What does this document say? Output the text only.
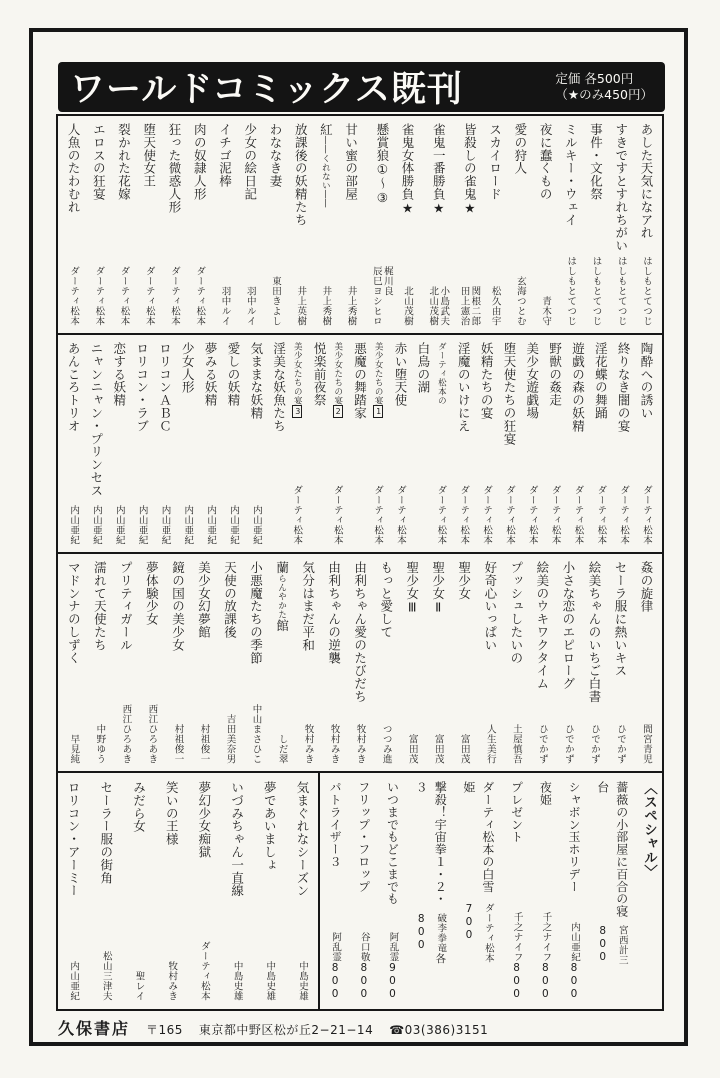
ワールドコミックス既刊	定価 各500円
（★のみ450円）
あした天気になアれ
はしもとてつじ
すきですとすれちがい
はしもとてつじ
事件・文化祭
はしもとてつじ
ミルキー・ウェイ
はしもとてつじ
夜に蠢くもの
青木守
愛の狩人
玄海つとむ
スカイロード
松久由宇
皆殺しの雀鬼★
関根二郎
田上憲治
雀鬼一番勝負★
小島武夫
北山茂樹
雀鬼女体勝負★
北山茂樹
懸賞狼①〜③
梶川良
辰巳ヨシヒロ
甘い蜜の部屋
井上秀樹
紅――くれない――
井上秀樹
放課後の妖精たち
井上英樹
わななき妻
東田きよし
少女の絵日記
羽中ルイ
イチゴ泥棒
羽中ルイ
肉の奴隷人形
ダーティ松本
狂った微惑人形
ダーティ松本
堕天使女王
ダーティ松本
裂かれた花嫁
ダーティ松本
エロスの狂宴
ダーティ松本
人魚のたわむれ
ダーティ松本
陶酔への誘い
ダーティ松本
終りなき闇の宴
ダーティ松本
淫花蝶の舞踊
ダーティ松本
遊戯の森の妖精
ダーティ松本
野獣の姦走
ダーティ松本
美少女遊戯場
ダーティ松本
堕天使たちの狂宴
ダーティ松本
妖精たちの宴
ダーティ松本
淫魔のいけにえ
ダーティ松本
ダーティ松本の
白鳥の湖
ダーティ松本
赤い堕天使
ダーティ松本
美少女たちの宴1
悪魔の舞踏家
ダーティ松本
美少女たちの宴2
悦楽前夜祭
ダーティ松本
美少女たちの宴3
淫美な妖魚たち
ダーティ松本
気ままな妖精
内山亜紀
愛しの妖精
内山亜紀
夢みる妖精
内山亜紀
少女人形
内山亜紀
ロリコンＡＢＣ
内山亜紀
ロリコン・ラブ
内山亜紀
恋する妖精
内山亜紀
ニャンニャン・プリンセス
内山亜紀
あんころトリオ
内山亜紀
姦の旋律
間宮青児
セーラ服に熱いキス
ひでかず
絵美ちゃんのいちご白書
ひでかず
小さな恋のエピローグ
ひでかず
絵美のウキワクタイム
ひでかず
プッシュしたいの
土屋慎吾
好奇心いっぱい
人生美行
聖少女
富田茂
聖少女Ⅱ
富田茂
聖少女Ⅲ
富田茂
もっと愛して
つつみ進
由利ちゃん愛のたびだち
牧村みき
由利ちゃんの逆襲
牧村みき
気分はまだ平和
牧村みき
蘭らんやかた館
しだ翠
小悪魔たちの季節
中山まさひこ
天使の放課後
吉田美奈男
美少女幻夢館
村祖俊一
鏡の国の美少女
村祖俊一
夢体験少女
西江ひろあき
プリティガール
西江ひろあき
濡れて天使たち
中野ゆう
マドンナのしずく
早見純
気まぐれなシーズン
中島史雄
夢であいましょ
中島史雄
いづみちゃん一直線
中島史雄
夢幻少女痴獄
ダーティ松本
笑いの王様
牧村みき
みだら女
聖レイ
セーラー服の街角
松山三津夫
ロリコン・アーミー
内山亜紀
〈スペシャル〉
薔薇の小部屋に百合の寝台
宮西計三800
シャボン玉ホリデー
内山亜紀800
夜姫
千之ナイフ800
プレゼント
千之ナイフ800
ダーティ松本の白雪姫
ダーティ松本700
撃殺！宇宙拳１・２・３
破李拳竜各800
いつまでもどこまでも
阿乱霊900
フリップ・フロップ
谷口敬800
パトライザー３
阿乱霊800
久保書店 〒165 東京都中野区松が丘2−21−14 ☎03(386)3151
